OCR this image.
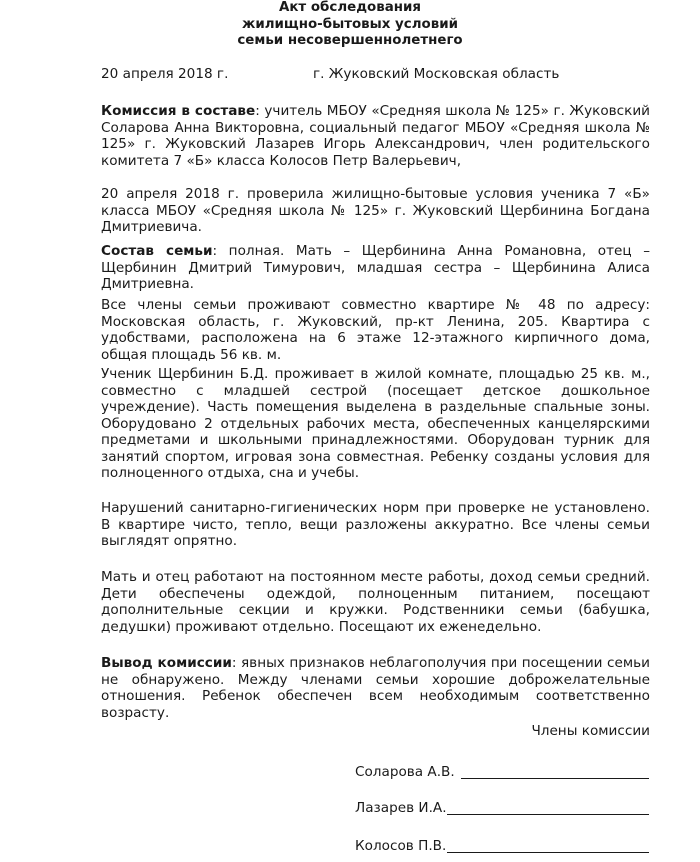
Акт обследования
жилищно-бытовых условий
семьи несовершеннолетнего
20 апреля 2018 г.	г. Жуковский Московская область
Комиссия в составе: учитель МБОУ «Средняя школа № 125» г. Жуковский Соларова Анна Викторовна, социальный педагог МБОУ «Средняя школа № 125» г. Жуковский Лазарев Игорь Александрович, член родительского комитета 7 «Б» класса Колосов Петр Валерьевич,
20 апреля 2018 г. проверила жилищно-бытовые условия ученика 7 «Б» класса МБОУ «Средняя школа № 125» г. Жуковский Щербинина Богдана Дмитриевича.
Состав семьи: полная. Мать – Щербинина Анна Романовна, отец – Щербинин Дмитрий Тимурович, младшая сестра – Щербинина Алиса Дмитриевна.
Все члены семьи проживают совместно квартире № 48 по адресу: Московская область, г. Жуковский, пр-кт Ленина, 205. Квартира с удобствами, расположена на 6 этаже 12-этажного кирпичного дома, общая площадь 56 кв. м.
Ученик Щербинин Б.Д. проживает в жилой комнате, площадью 25 кв. м., совместно с младшей сестрой (посещает детское дошкольное учреждение). Часть помещения выделена в раздельные спальные зоны. Оборудовано 2 отдельных рабочих места, обеспеченных канцелярскими предметами и школьными принадлежностями. Оборудован турник для занятий спортом, игровая зона совместная. Ребенку созданы условия для полноценного отдыха, сна и учебы.
Нарушений санитарно-гигиенических норм при проверке не установлено. В квартире чисто, тепло, вещи разложены аккуратно. Все члены семьи выглядят опрятно.
Мать и отец работают на постоянном месте работы, доход семьи средний. Дети обеспечены одеждой, полноценным питанием, посещают дополнительные секции и кружки. Родственники семьи (бабушка, дедушки) проживают отдельно. Посещают их еженедельно.
Вывод комиссии: явных признаков неблагополучия при посещении семьи не обнаружено. Между членами семьи хорошие доброжелательные отношения. Ребенок обеспечен всем необходимым соответственно возрасту.
Члены комиссии
Соларова А.В.
Лазарев И.А.
Колосов П.В.
